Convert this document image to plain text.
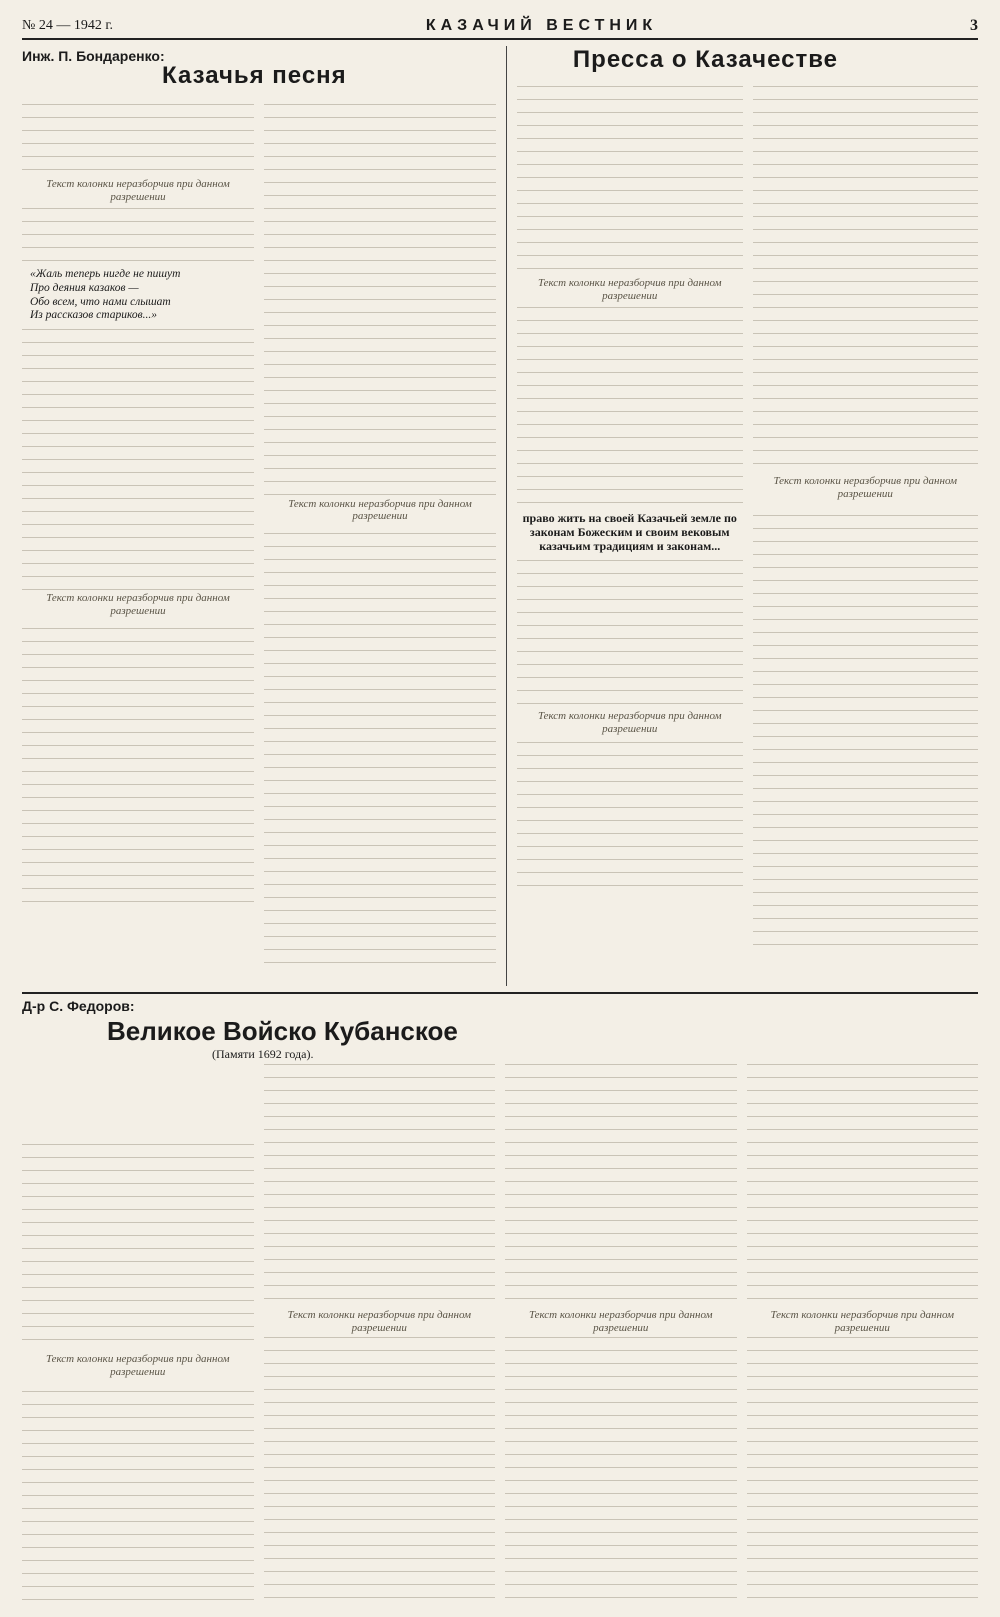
№ 24 — 1942 г.	КАЗАЧИЙ ВЕСТНИК	3
Инж. П. Бондаренко:
Казачья песня
Текст колонки неразборчив при данном разрешении
«Жаль теперь нигде не пишут
Про деяния казаков —
Обо всем, что нами слышат
Из рассказов стариков...»
Текст колонки неразборчив при данном разрешении
Текст колонки неразборчив при данном разрешении
Пресса о Казачестве
Текст колонки неразборчив при данном разрешении
право жить на своей Казачьей земле по законам Божеским и своим вековым казачьим традициям и законам...
Текст колонки неразборчив при данном разрешении
Текст колонки неразборчив при данном разрешении
Д-р С. Федоров:
Великое Войско Кубанское
(Памяти 1692 года).
Текст колонки неразборчив при данном разрешении
Текст колонки неразборчив при данном разрешении
Текст колонки неразборчив при данном разрешении
Текст колонки неразборчив при данном разрешении
